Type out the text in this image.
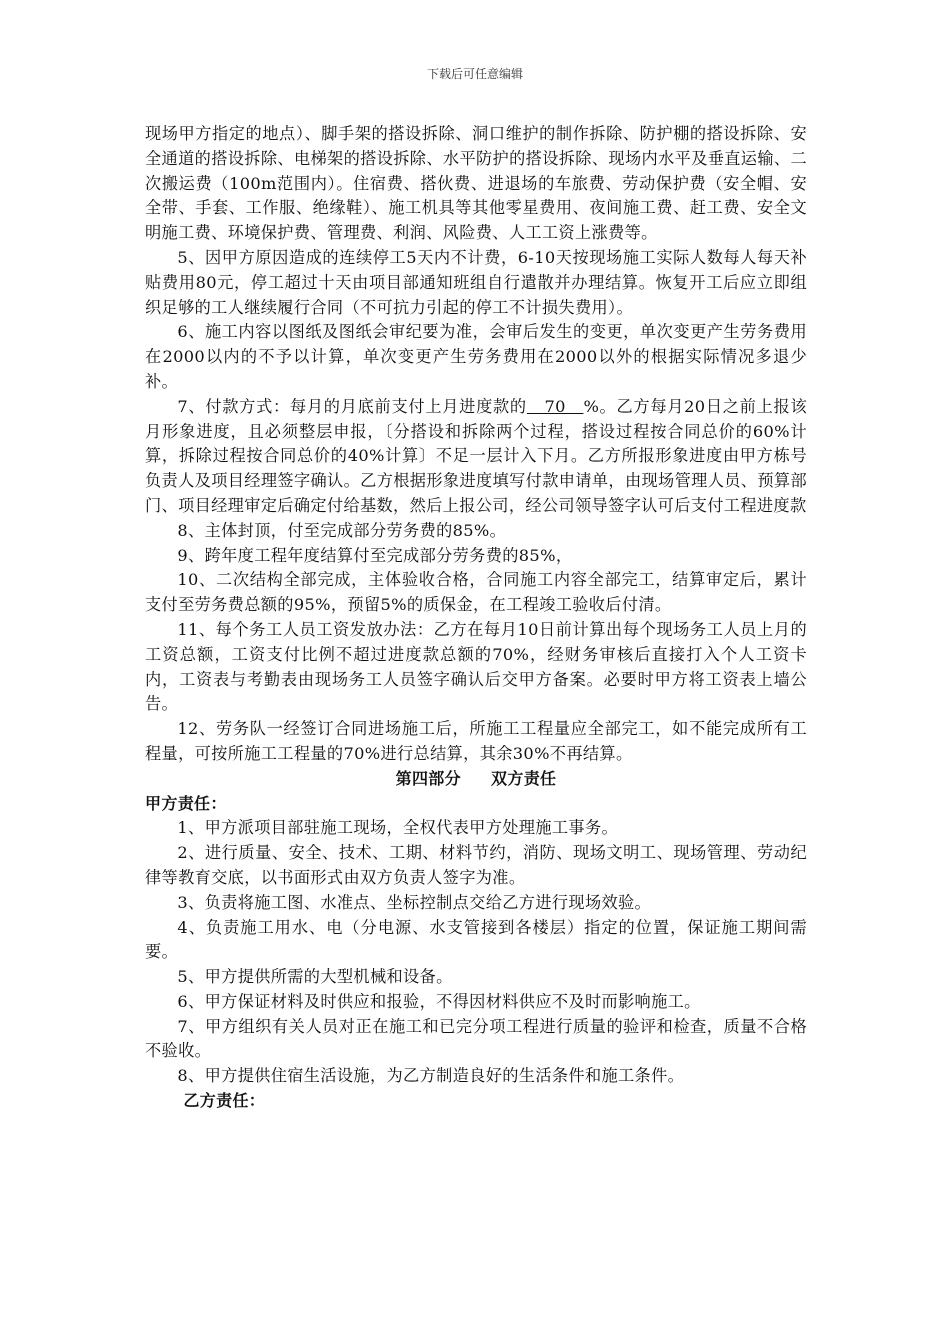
下载后可任意编辑

现场甲方指定的地点）、脚手架的搭设拆除、洞口维护的制作拆除、防护棚的搭设拆除、安全通道的搭设拆除、电梯架的搭设拆除、水平防护的搭设拆除、现场内水平及垂直运输、二次搬运费（100m范围内）。住宿费、搭伙费、进退场的车旅费、劳动保护费（安全帽、安全带、手套、工作服、绝缘鞋）、施工机具等其他零星费用、夜间施工费、赶工费、安全文明施工费、环境保护费、管理费、利润、风险费、人工工资上涨费等。

5、因甲方原因造成的连续停工5天内不计费，6-10天按现场施工实际人数每人每天补贴费用80元，停工超过十天由项目部通知班组自行遣散并办理结算。恢复开工后应立即组织足够的工人继续履行合同（不可抗力引起的停工不计损失费用）。

6、施工内容以图纸及图纸会审纪要为准，会审后发生的变更，单次变更产生劳务费用在2000以内的不予以计算，单次变更产生劳务费用在2000以外的根据实际情况多退少补。

7、付款方式：每月的月底前支付上月进度款的   70   %。乙方每月20日之前上报该月形象进度，且必须整层申报，〔分搭设和拆除两个过程，搭设过程按合同总价的60%计算，拆除过程按合同总价的40%计算〕不足一层计入下月。乙方所报形象进度由甲方栋号负责人及项目经理签字确认。乙方根据形象进度填写付款申请单，由现场管理人员、预算部门、项目经理审定后确定付给基数，然后上报公司，经公司领导签字认可后支付工程进度款

8、主体封顶，付至完成部分劳务费的85%。

9、跨年度工程年度结算付至完成部分劳务费的85%，

10、二次结构全部完成，主体验收合格，合同施工内容全部完工，结算审定后，累计支付至劳务费总额的95%，预留5%的质保金，在工程竣工验收后付清。

11、每个务工人员工资发放办法：乙方在每月10日前计算出每个现场务工人员上月的工资总额，工资支付比例不超过进度款总额的70%，经财务审核后直接打入个人工资卡内，工资表与考勤表由现场务工人员签字确认后交甲方备案。必要时甲方将工资表上墙公告。

12、劳务队一经签订合同进场施工后，所施工工程量应全部完工，如不能完成所有工程量，可按所施工工程量的70%进行总结算，其余30%不再结算。

第四部分 双方责任

甲方责任：

1、甲方派项目部驻施工现场，全权代表甲方处理施工事务。

2、进行质量、安全、技术、工期、材料节约，消防、现场文明工、现场管理、劳动纪律等教育交底，以书面形式由双方负责人签字为准。

3、负责将施工图、水准点、坐标控制点交给乙方进行现场效验。

4、负责施工用水、电（分电源、水支管接到各楼层）指定的位置，保证施工期间需要。

5、甲方提供所需的大型机械和设备。

6、甲方保证材料及时供应和报验，不得因材料供应不及时而影响施工。

7、甲方组织有关人员对正在施工和已完分项工程进行质量的验评和检查，质量不合格不验收。

8、甲方提供住宿生活设施，为乙方制造良好的生活条件和施工条件。

乙方责任：
